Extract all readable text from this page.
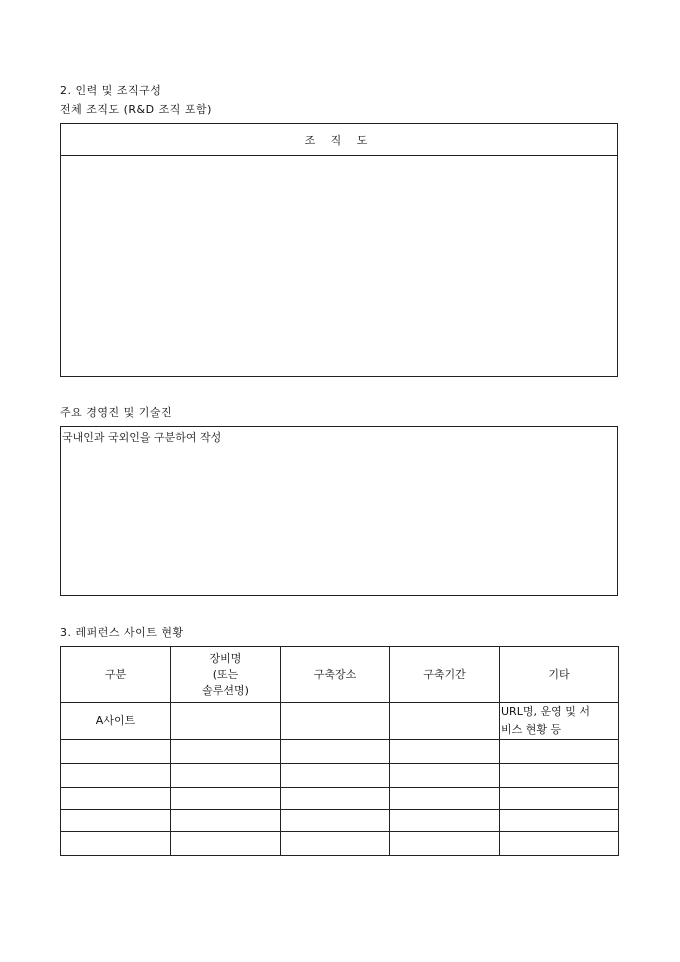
2. 인력 및 조직구성
전체 조직도 (R&D 조직 포함)
조 직 도
주요 경영진 및 기술진
국내인과 국외인을 구분하여 작성
3. 레퍼런스 사이트 현황
구분	장비명
(또는
솔루션명)	구축장소	구축기간	기타
A사이트				URL명, 운영 및 서
비스 현황 등
